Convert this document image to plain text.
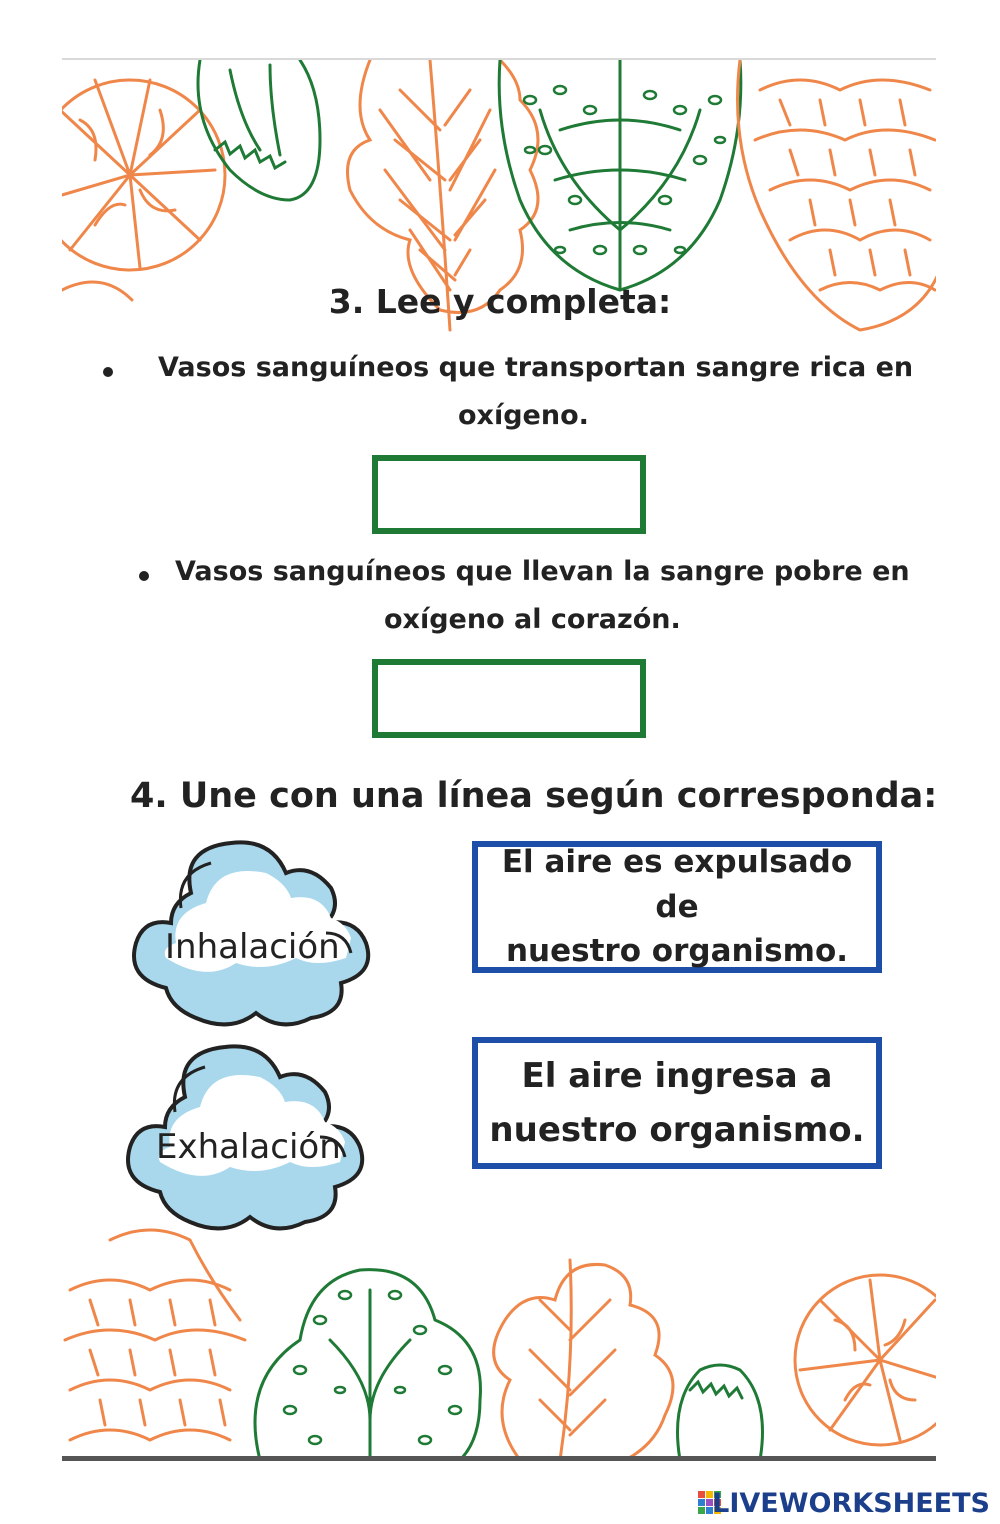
3. Lee y completa:
Vasos sanguíneos que transportan sangre rica en
oxígeno.
Vasos sanguíneos que llevan la sangre pobre en
oxígeno al corazón.
4. Une con una línea según corresponda:
Inhalación
Exhalación
El aire es expulsado de
nuestro organismo.
El aire ingresa a
nuestro organismo.
LIVEWORKSHEETS
